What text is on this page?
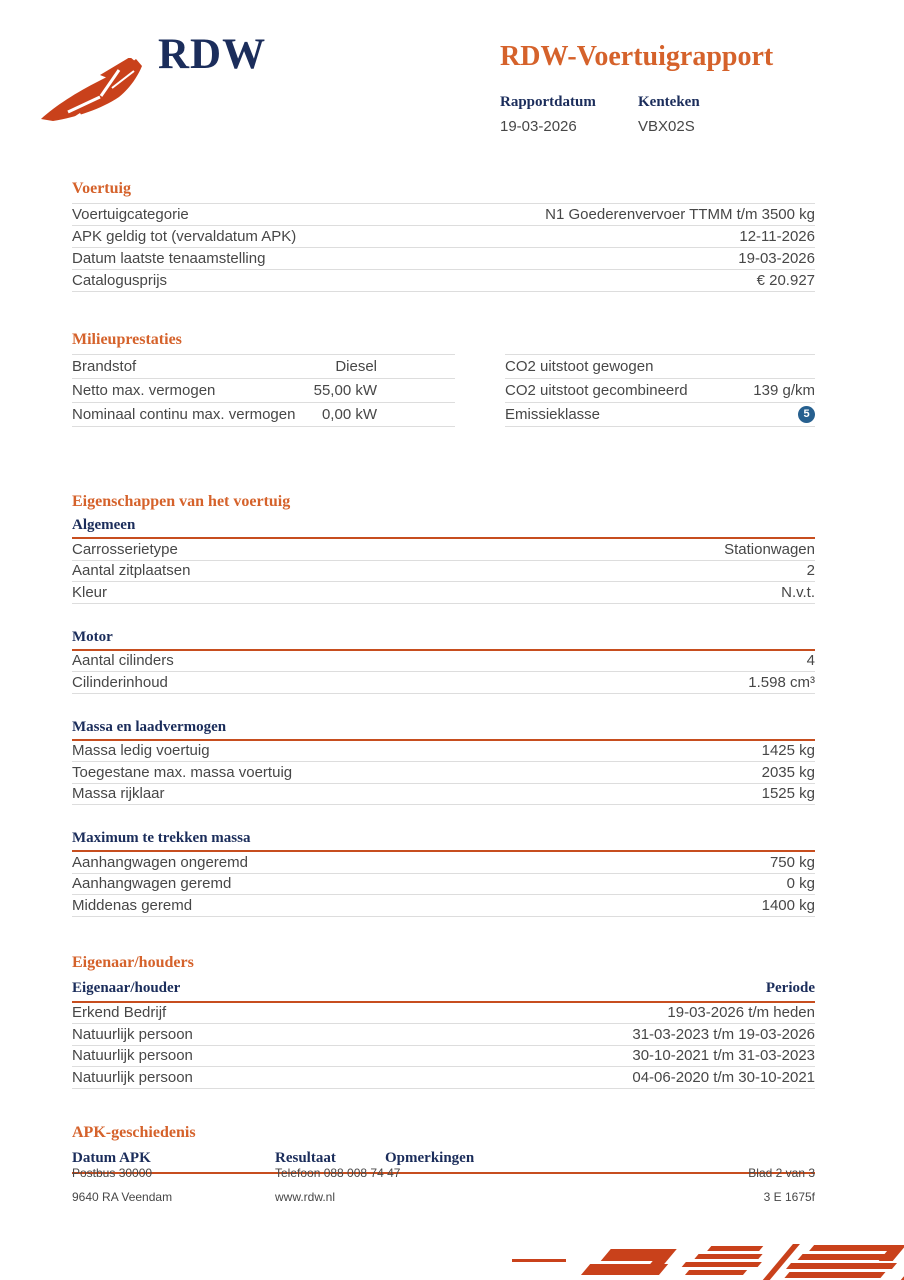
RDW	RDW-Voertuigrapport
Rapportdatum
19-03-2026
Kenteken
VBX02S
Voertuig
Voertuigcategorie	N1 Goederenvervoer TTMM t/m 3500 kg
APK geldig tot (vervaldatum APK)	12-11-2026
Datum laatste tenaamstelling	19-03-2026
Catalogusprijs	€ 20.927
Milieuprestaties
Brandstof	Diesel
Netto max. vermogen	55,00 kW
Nominaal continu max. vermogen 0,00 kW
CO2 uitstoot gewogen
CO2 uitstoot gecombineerd	139 g/km
Emissieklasse	5
Eigenschappen van het voertuig
Algemeen
Carrosserietype	Stationwagen
Aantal zitplaatsen	2
Kleur	N.v.t.
Motor
Aantal cilinders	4
Cilinderinhoud	1.598 cm³
Massa en laadvermogen
Massa ledig voertuig	1425 kg
Toegestane max. massa voertuig	2035 kg
Massa rijklaar	1525 kg
Maximum te trekken massa
Aanhangwagen ongeremd	750 kg
Aanhangwagen geremd	0 kg
Middenas geremd	1400 kg
Eigenaar/houders
Eigenaar/houder	Periode
Erkend Bedrijf	19-03-2026 t/m heden
Natuurlijk persoon	31-03-2023 t/m 19-03-2026
Natuurlijk persoon	30-10-2021 t/m 31-03-2023
Natuurlijk persoon	04-06-2020 t/m 30-10-2021
APK-geschiedenis
Datum APK	Resultaat	Opmerkingen
Postbus 30000	Telefoon 088 008 74 47	Blad 2 van 3
9640 RA Veendam	www.rdw.nl	3 E 1675f
